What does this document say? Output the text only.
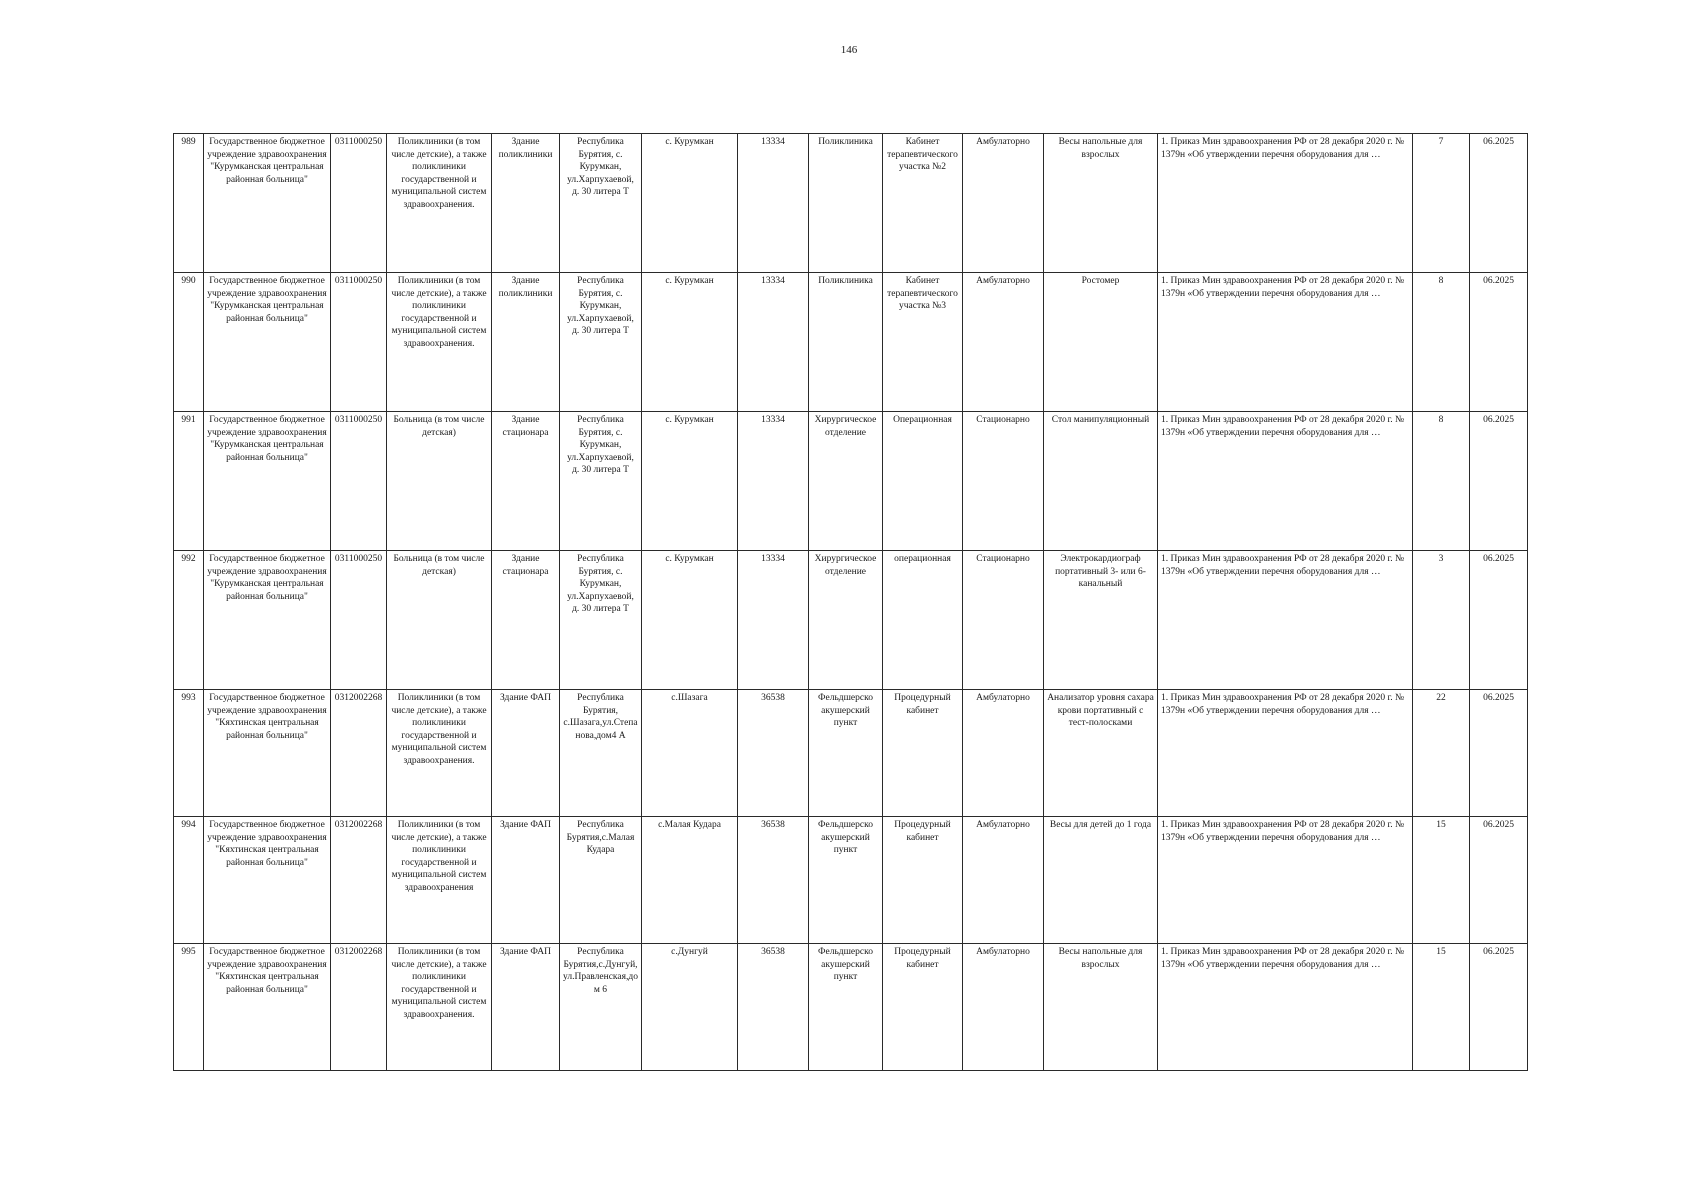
146
989	Государственное бюджетное учреждение здравоохранения "Курумканская центральная районная больница"	0311000250	Поликлиники (в том числе детские), а также поликлиники государственной и муниципальной систем здравоохранения.	Здание поликлиники	Республика Бурятия, с. Курумкан, ул.Харпухаевой, д. 30 литера Т	с. Курумкан	13334	Поликлиника	Кабинет терапевтического участка №2	Амбулаторно	Весы напольные для взрослых	1. Приказ Мин здравоохранения РФ от 28 декабря 2020 г. № 1379н «Об утверждении перечня оборудования для …	7	06.2025
990	Государственное бюджетное учреждение здравоохранения "Курумканская центральная районная больница"	0311000250	Поликлиники (в том числе детские), а также поликлиники государственной и муниципальной систем здравоохранения.	Здание поликлиники	Республика Бурятия, с. Курумкан, ул.Харпухаевой, д. 30 литера Т	с. Курумкан	13334	Поликлиника	Кабинет терапевтического участка №3	Амбулаторно	Ростомер	1. Приказ Мин здравоохранения РФ от 28 декабря 2020 г. № 1379н «Об утверждении перечня оборудования для …	8	06.2025
991	Государственное бюджетное учреждение здравоохранения "Курумканская центральная районная больница"	0311000250	Больница (в том числе детская)	Здание стационара	Республика Бурятия, с. Курумкан, ул.Харпухаевой, д. 30 литера Т	с. Курумкан	13334	Хирургическое отделение	Операционная	Стационарно	Стол манипуляционный	1. Приказ Мин здравоохранения РФ от 28 декабря 2020 г. № 1379н «Об утверждении перечня оборудования для …	8	06.2025
992	Государственное бюджетное учреждение здравоохранения "Курумканская центральная районная больница"	0311000250	Больница (в том числе детская)	Здание стационара	Республика Бурятия, с. Курумкан, ул.Харпухаевой, д. 30 литера Т	с. Курумкан	13334	Хирургическое отделение	операционная	Стационарно	Электрокардиограф портативный 3- или 6-канальный	1. Приказ Мин здравоохранения РФ от 28 декабря 2020 г. № 1379н «Об утверждении перечня оборудования для …	3	06.2025
993	Государственное бюджетное учреждение здравоохранения "Кяхтинская центральная районная больница"	0312002268	Поликлиники (в том числе детские), а также поликлиники государственной и муниципальной систем здравоохранения.	Здание ФАП	Республика Бурятия, с.Шазага,ул.Степанова,дом4 А	с.Шазага	36538	Фельдшерско акушерский пункт	Процедурный кабинет	Амбулаторно	Анализатор уровня сахара крови портативный с тест-полосками	1. Приказ Мин здравоохранения РФ от 28 декабря 2020 г. № 1379н «Об утверждении перечня оборудования для …	22	06.2025
994	Государственное бюджетное учреждение здравоохранения "Кяхтинская центральная районная больница"	0312002268	Поликлиники (в том числе детские), а также поликлиники государственной и муниципальной систем здравоохранения	Здание ФАП	Республика Бурятия,с.Малая Кудара	с.Малая Кудара	36538	Фельдшерско акушерский пункт	Процедурный кабинет	Амбулаторно	Весы для детей до 1 года	1. Приказ Мин здравоохранения РФ от 28 декабря 2020 г. № 1379н «Об утверждении перечня оборудования для …	15	06.2025
995	Государственное бюджетное учреждение здравоохранения "Кяхтинская центральная районная больница"	0312002268	Поликлиники (в том числе детские), а также поликлиники государственной и муниципальной систем здравоохранения.	Здание ФАП	Республика Бурятия,с.Дунгуй,ул.Правленская,дом 6	с.Дунгуй	36538	Фельдшерско акушерский пункт	Процедурный кабинет	Амбулаторно	Весы напольные для взрослых	1. Приказ Мин здравоохранения РФ от 28 декабря 2020 г. № 1379н «Об утверждении перечня оборудования для …	15	06.2025
